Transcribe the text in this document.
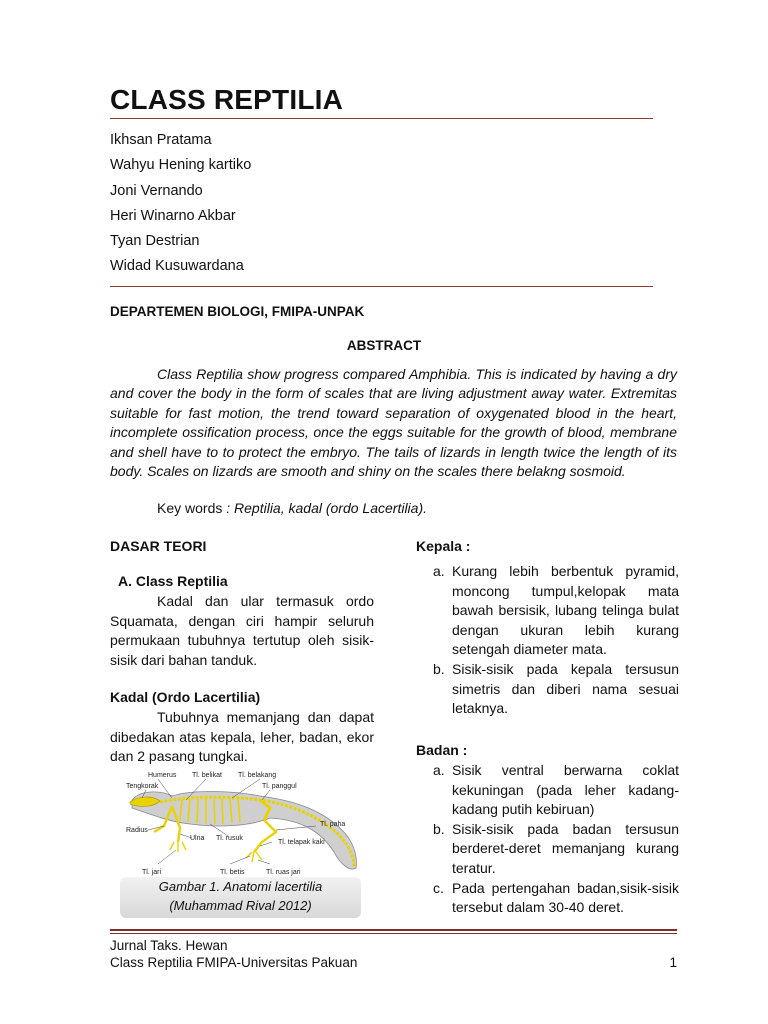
CLASS REPTILIA
Ikhsan Pratama
Wahyu Hening kartiko
Joni Vernando
Heri Winarno Akbar
Tyan Destrian
Widad Kusuwardana
DEPARTEMEN BIOLOGI, FMIPA-UNPAK
ABSTRACT
Class Reptilia show progress compared Amphibia. This is indicated by having a dry and cover the body in the form of scales that are living adjustment away water. Extremitas suitable for fast motion, the trend toward separation of oxygenated blood in the heart, incomplete ossification process, once the eggs suitable for the growth of blood, membrane and shell have to to protect the embryo. The tails of lizards in length twice the length of its body. Scales on lizards are smooth and shiny on the scales there belakng sosmoid.
Key words : Reptilia, kadal (ordo Lacertilia).
DASAR TEORI
A. Class Reptilia
Kadal dan ular termasuk ordo Squamata, dengan ciri hampir seluruh permukaan tubuhnya tertutup oleh sisik-sisik dari bahan tanduk.
Kadal (Ordo Lacertilia)
Tubuhnya memanjang dan dapat dibedakan atas kepala, leher, badan, ekor dan 2 pasang tungkai.
Humerus Tl. belikat Tl. belakang
Tengkorak	Tl. panggul
Tl. paha
Radius
Ulna Tl. rusuk
Tl. telapak kaki
Tl. jari	Tl. betis	Tl. ruas jari
Gambar 1. Anatomi lacertilia
(Muhammad Rival 2012)
Kepala :
a. Kurang lebih berbentuk pyramid, moncong tumpul,kelopak mata bawah bersisik, lubang telinga bulat dengan ukuran lebih kurang setengah diameter mata.
b. Sisik-sisik pada kepala tersusun simetris dan diberi nama sesuai letaknya.
Badan :
a. Sisik ventral berwarna coklat kekuningan (pada leher kadang-kadang putih kebiruan)
b. Sisik-sisik pada badan tersusun berderet-deret memanjang kurang teratur.
c. Pada pertengahan badan,sisik-sisik tersebut dalam 30-40 deret.
Jurnal Taks. Hewan
Class Reptilia FMIPA-Universitas Pakuan	1
